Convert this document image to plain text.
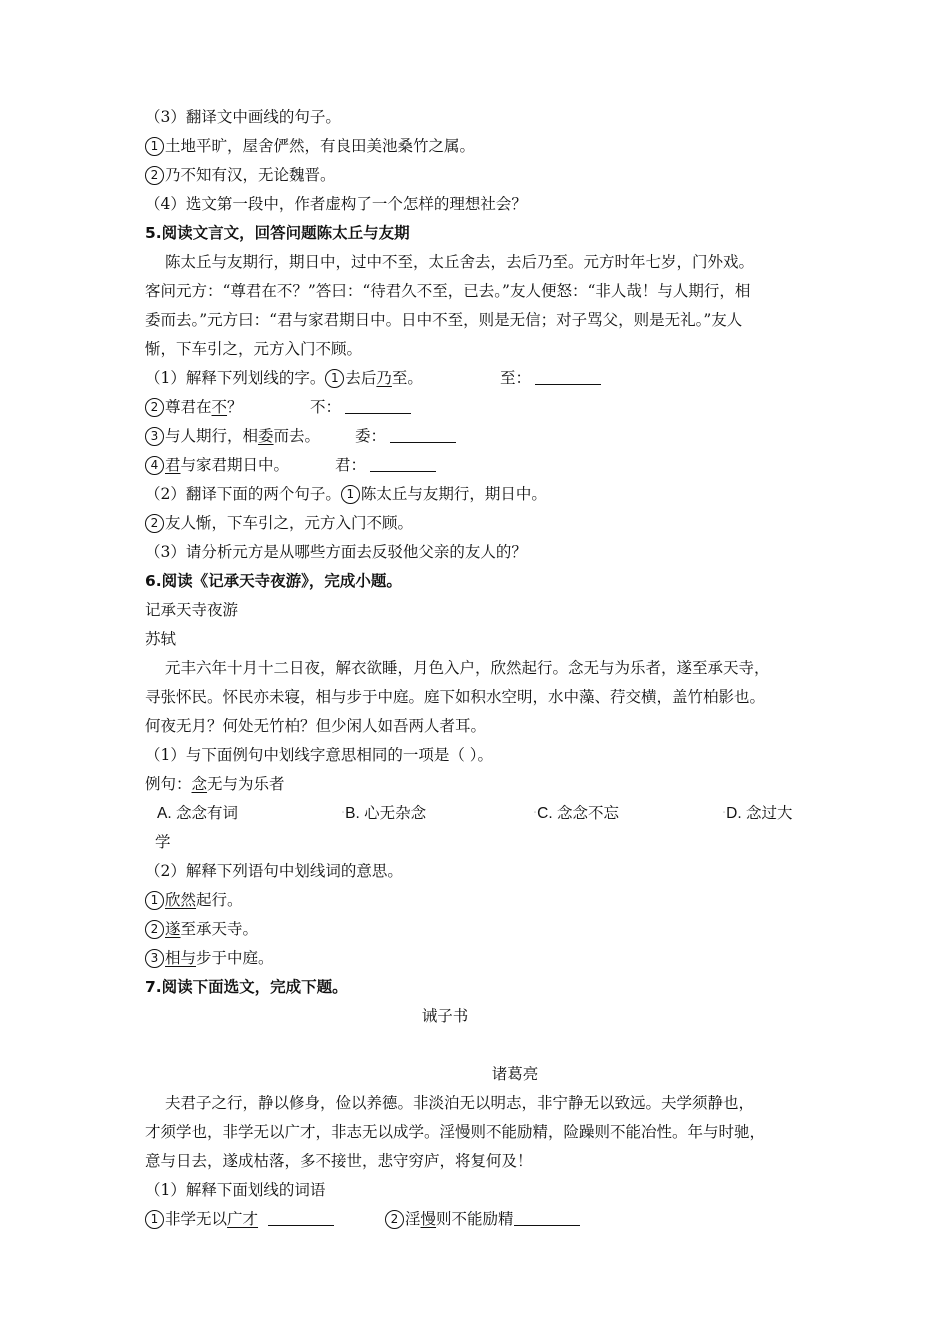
（3）翻译文中画线的句子。
1 土地平旷，屋舍俨然，有良田美池桑竹之属。
2 乃不知有汉，无论魏晋。
（4）选文第一段中，作者虚构了一个怎样的理想社会？
5.阅读文言文，回答问题陈太丘与友期
陈太丘与友期行，期日中，过中不至，太丘舍去，去后乃至。元方时年七岁，门外戏。
客问元方：“尊君在不？”答曰：“待君久不至，已去。”友人便怒：“非人哉！与人期行，相
委而去。”元方曰：“君与家君期日中。日中不至，则是无信；对子骂父，则是无礼。”友人
惭，下车引之，元方入门不顾。
（1）解释下列划线的字。 1 去后乃至。	至：
2 尊君在不？	不：
3 与人期行，相委而去。 委：
4 君与家君期日中。	君：
（2）翻译下面的两个句子。 1 陈太丘与友期行，期日中。
2 友人惭，下车引之，元方入门不顾。
（3）请分析元方是从哪些方面去反驳他父亲的友人的？
6.阅读《记承天寺夜游》，完成小题。
记承天寺夜游
苏轼
元丰六年十月十二日夜，解衣欲睡，月色入户，欣然起行。念无与为乐者，遂至承天寺，
寻张怀民。怀民亦未寝，相与步于中庭。庭下如积水空明，水中藻、荇交横，盖竹柏影也。
何夜无月？何处无竹柏？但少闲人如吾两人者耳。
（1）与下面例句中划线字意思相同的一项是（ ）。
例句：念无与为乐者
A. 念念有词	▫B. 心无杂念	▫C. 念念不忘	▫D. 念过大
学
（2）解释下列语句中划线词的意思。
1 欣然起行。
2 遂至承天寺。
3 相与步于中庭。
7.阅读下面选文，完成下题。
诫子书
诸葛亮
夫君子之行，静以修身，俭以养德。非淡泊无以明志，非宁静无以致远。夫学须静也，
才须学也，非学无以广才，非志无以成学。淫慢则不能励精，险躁则不能冶性。年与时驰，
意与日去，遂成枯落，多不接世，悲守穷庐，将复何及！
（1）解释下面划线的词语
1 非学无以广才	2 淫慢则不能励精
